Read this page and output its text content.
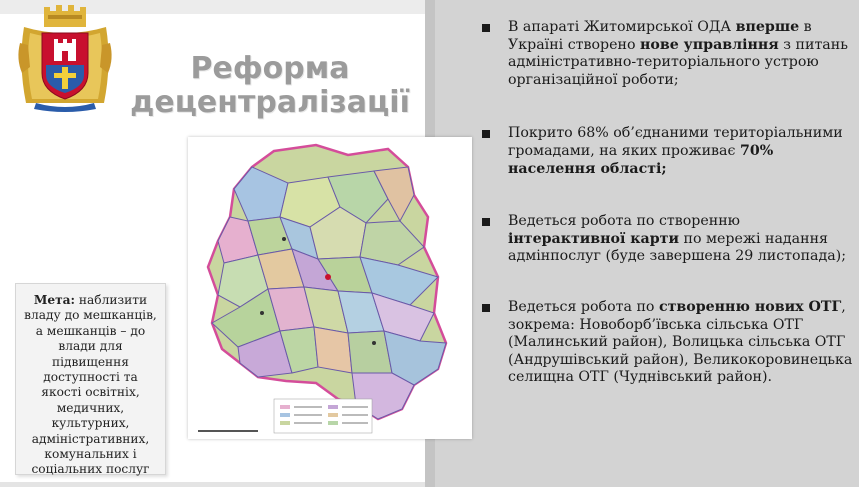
Реформа
децентралізації
Мета: наблизити владу до мешканців, а мешканців – до влади для підвищення доступності та якості освітніх, медичних, культурних, адміністративних, комунальних і соціальних послуг
В апараті Житомирської ОДА вперше в Україні створено нове управління з питань адміністративно-територіального устрою організаційної роботи;
Покрито 68% об’єднаними територіальними громадами, на яких проживає 70% населення області;
Ведеться робота по створенню інтерактивної карти по мережі надання адмінпослуг (буде завершена 29 листопада);
Ведеться робота по створенню нових ОТГ, зокрема: Новоборб’ївська сільська ОТГ (Малинський район), Волицька сільська ОТГ (Андрушівський район), Великокоровинецька селищна ОТГ (Чуднівський район).
